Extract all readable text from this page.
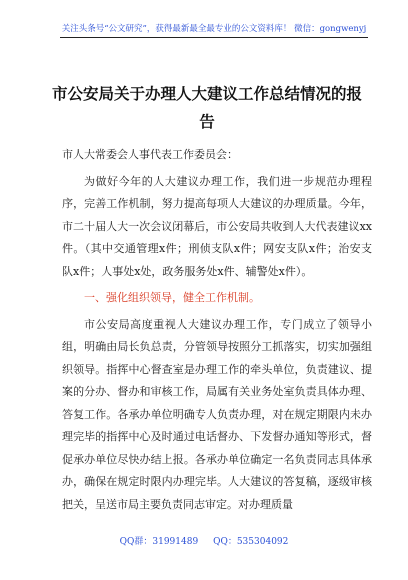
关注头条号“公文研究”，获得最新最全最专业的公文资料库！ 微信：gongwenyj
市公安局关于办理人大建议工作总结情况的报告

市人大常委会人事代表工作委员会：

为做好今年的人大建议办理工作，我们进一步规范办理程序，完善工作机制，努力提高每项人大建议的办理质量。今年，市二十届人大一次会议闭幕后，市公安局共收到人大代表建议xx件。（其中交通管理x件；刑侦支队x件；网安支队x件；治安支队x件；人事处x处，政务服务处x件、辅警处x件）。

一、强化组织领导，健全工作机制。

市公安局高度重视人大建议办理工作，专门成立了领导小组，明确由局长负总责，分管领导按照分工抓落实，切实加强组织领导。指挥中心督查室是办理工作的牵头单位，负责建议、提案的分办、督办和审核工作，局属有关业务处室负责具体办理、答复工作。各承办单位明确专人负责办理，对在规定期限内未办理完毕的指挥中心及时通过电话督办、下发督办通知等形式，督促承办单位尽快办结上报。各承办单位确定一名负责同志具体承办，确保在规定时限内办理完毕。人大建议的答复稿，逐级审核把关，呈送市局主要负责同志审定。对办理质量

QQ群：31991489 QQ：535304092
